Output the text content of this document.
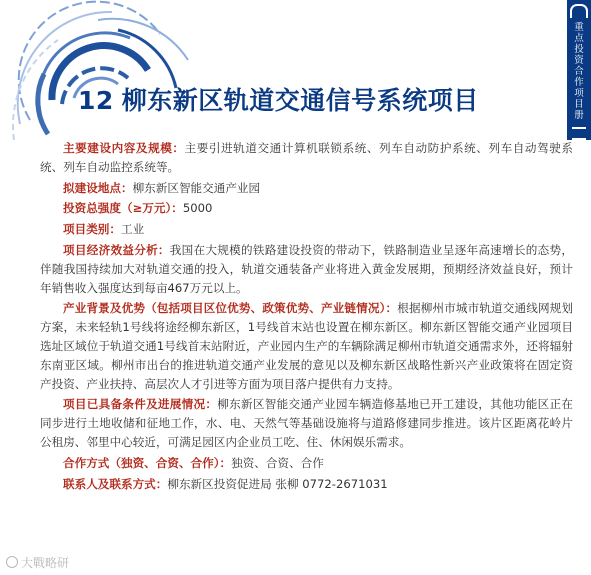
重点投资合作项目册
1
12 柳东新区轨道交通信号系统项目

主要建设内容及规模：主要引进轨道交通计算机联锁系统、列车自动防护系统、列车自动驾驶系统、列车自动监控系统等。

拟建设地点：柳东新区智能交通产业园

投资总强度（≥万元）：5000

项目类别：工业

项目经济效益分析：我国在大规模的铁路建设投资的带动下，铁路制造业呈逐年高速增长的态势，伴随我国持续加大对轨道交通的投入，轨道交通装备产业将进入黄金发展期，预期经济效益良好，预计年销售收入强度达到每亩467万元以上。

产业背景及优势（包括项目区位优势、政策优势、产业链情况）：根据柳州市城市轨道交通线网规划方案，未来轻轨1号线将途经柳东新区，1号线首末站也设置在柳东新区。柳东新区智能交通产业园项目选址区域位于轨道交通1号线首末站附近，产业园内生产的车辆除满足柳州市轨道交通需求外，还将辐射东南亚区域。柳州市出台的推进轨道交通产业发展的意见以及柳东新区战略性新兴产业政策将在固定资产投资、产业扶持、高层次人才引进等方面为项目落户提供有力支持。

项目已具备条件及进展情况：柳东新区智能交通产业园车辆造修基地已开工建设，其他功能区正在同步进行土地收储和征地工作，水、电、天然气等基础设施将与道路修建同步推进。该片区距离花岭片公租房、邻里中心较近，可满足园区内企业员工吃、住、休闲娱乐需求。

合作方式（独资、合资、合作）：独资、合资、合作

联系人及联系方式：柳东新区投资促进局 张柳 0772-2671031

大戰略研
